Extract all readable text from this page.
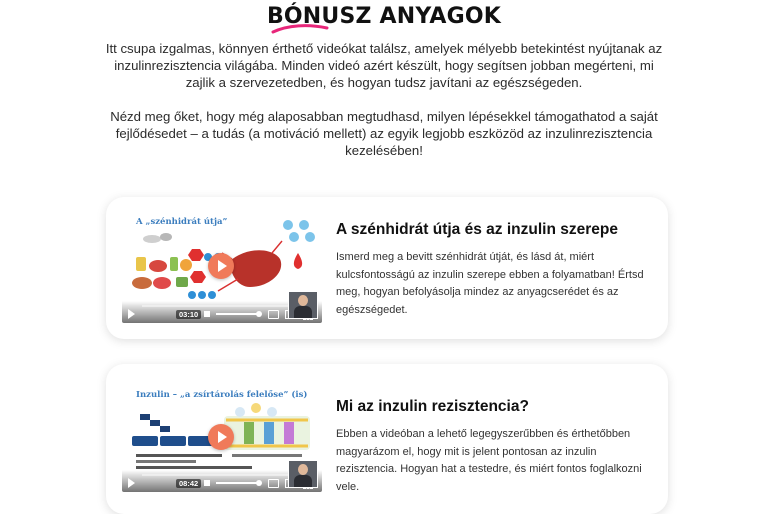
BÓNUSZ ANYAGOK

Itt csupa izgalmas, könnyen érthető videókat találsz, amelyek mélyebb betekintést nyújtanak az inzulinrezisztencia világába. Minden videó azért készült, hogy segítsen jobban megérteni, mi zajlik a szervezetedben, és hogyan tudsz javítani az egészségeden.

Nézd meg őket, hogy még alaposabban megtudhasd, milyen lépésekkel támogathatod a saját fejlődésedet – a tudás (a motiváció mellett) az egyik legjobb eszközöd az inzulinrezisztencia kezelésében!

A „szénhidrát útja”
03:10
A szénhidrát útja és az inzulin szerepe

Ismerd meg a bevitt szénhidrát útját, és lásd át, miért kulcsfontosságú az inzulin szerepe ebben a folyamatban! Értsd meg, hogyan befolyásolja mindez az anyagcserédet és az egészségedet.

Inzulin – „a zsírtárolás felelőse” (is)
08:42
Mi az inzulin rezisztencia?

Ebben a videóban a lehető legegyszerűbben és érthetőbben magyarázom el, hogy mit is jelent pontosan az inzulin rezisztencia. Hogyan hat a testedre, és miért fontos foglalkozni vele.
